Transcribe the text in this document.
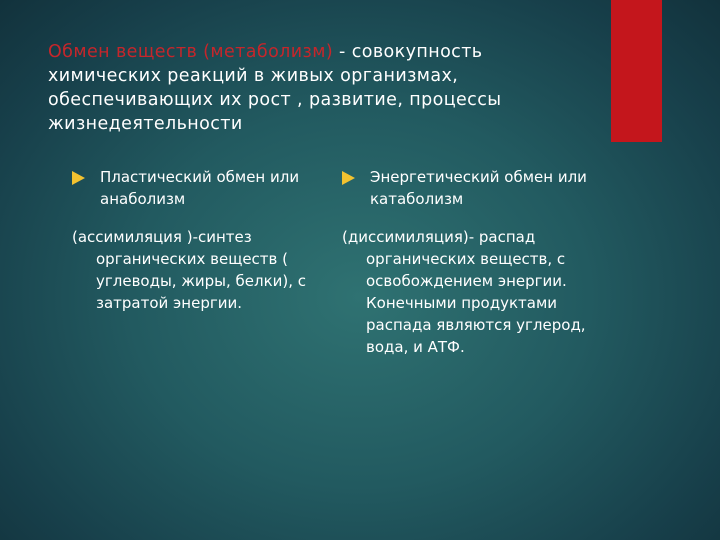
Обмен веществ (метаболизм) - совокупность химических реакций в живых организмах, обеспечивающих их рост , развитие, процессы жизнедеятельности
Пластический обмен или анаболизм
(ассимиляция )-синтез органических веществ ( углеводы, жиры, белки), с затратой энергии.
Энергетический обмен или катаболизм
(диссимиляция)- распад органических веществ, с освобождением энергии. Конечными продуктами распада являются углерод, вода, и АТФ.
